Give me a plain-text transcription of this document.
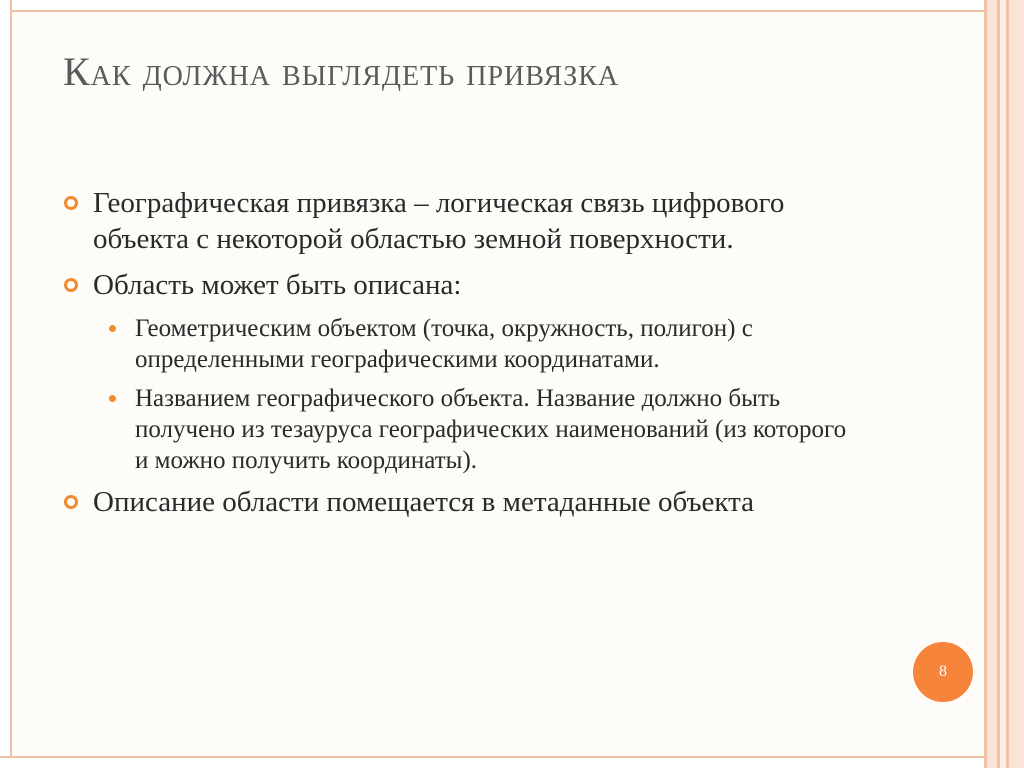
Как должна выглядеть привязка
Географическая привязка – логическая связь цифрового объекта с некоторой областью земной поверхности.
Область может быть описана:
Геометрическим объектом (точка, окружность, полигон) с определенными географическими координатами.
Названием географического объекта. Название должно быть получено из тезауруса географических наименований (из которого и можно получить координаты).
Описание области помещается в метаданные объекта
8
